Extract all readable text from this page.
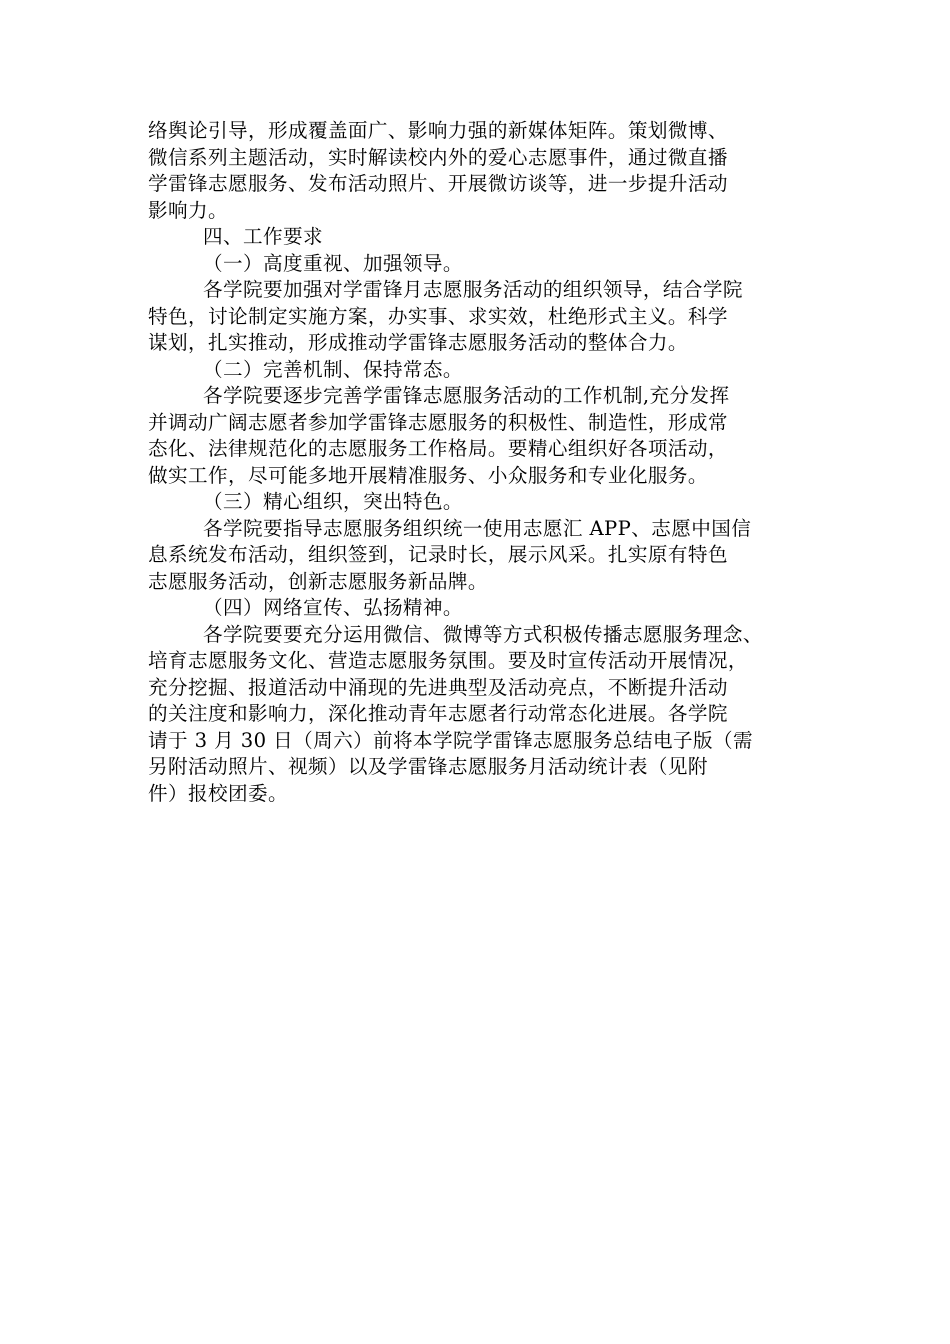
络舆论引导，形成覆盖面广、影响力强的新媒体矩阵。策划微博、
微信系列主题活动，实时解读校内外的爱心志愿事件，通过微直播
学雷锋志愿服务、发布活动照片、开展微访谈等，进一步提升活动
影响力。
四、工作要求
（一）高度重视、加强领导。
各学院要加强对学雷锋月志愿服务活动的组织领导，结合学院
特色，讨论制定实施方案，办实事、求实效，杜绝形式主义。科学
谋划，扎实推动，形成推动学雷锋志愿服务活动的整体合力。
（二）完善机制、保持常态。
各学院要逐步完善学雷锋志愿服务活动的工作机制,充分发挥
并调动广阔志愿者参加学雷锋志愿服务的积极性、制造性，形成常
态化、法律规范化的志愿服务工作格局。要精心组织好各项活动，
做实工作，尽可能多地开展精准服务、小众服务和专业化服务。
（三）精心组织，突出特色。
各学院要指导志愿服务组织统一使用志愿汇 APP、志愿中国信
息系统发布活动，组织签到，记录时长，展示风采。扎实原有特色
志愿服务活动，创新志愿服务新品牌。
（四）网络宣传、弘扬精神。
各学院要要充分运用微信、微博等方式积极传播志愿服务理念、
培育志愿服务文化、营造志愿服务氛围。要及时宣传活动开展情况，
充分挖掘、报道活动中涌现的先进典型及活动亮点，不断提升活动
的关注度和影响力，深化推动青年志愿者行动常态化进展。各学院
请于 3 月 30 日（周六）前将本学院学雷锋志愿服务总结电子版（需
另附活动照片、视频）以及学雷锋志愿服务月活动统计表（见附
件）报校团委。
